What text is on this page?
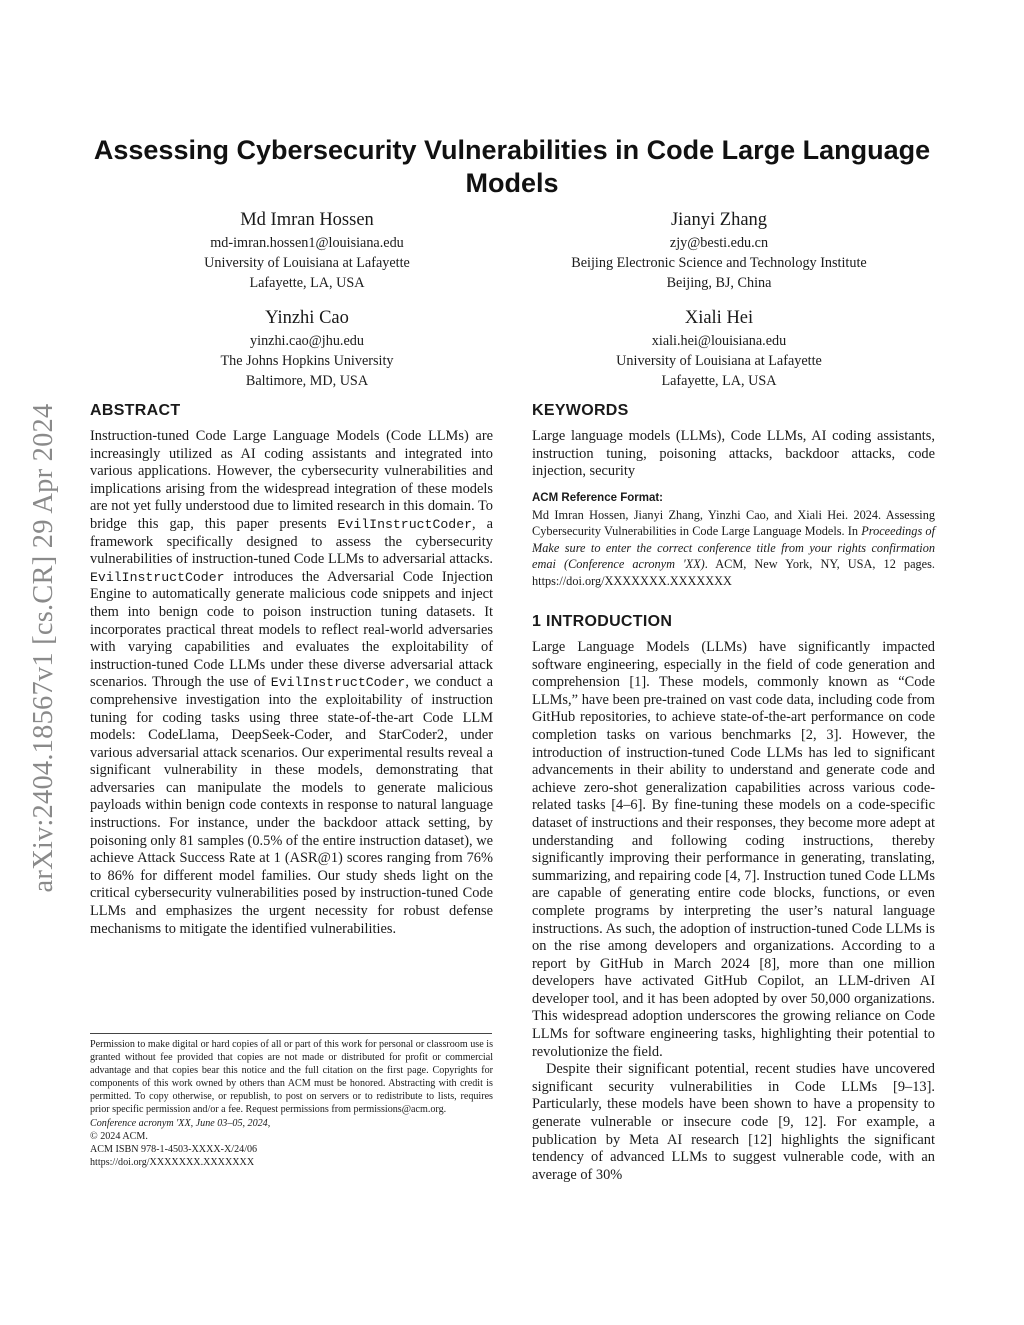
arXiv:2404.18567v1 [cs.CR] 29 Apr 2024
Assessing Cybersecurity Vulnerabilities in Code Large Language Models
Md Imran Hossen
md-imran.hossen1@louisiana.edu
University of Louisiana at Lafayette
Lafayette, LA, USA
Jianyi Zhang
zjy@besti.edu.cn
Beijing Electronic Science and Technology Institute
Beijing, BJ, China
Yinzhi Cao
yinzhi.cao@jhu.edu
The Johns Hopkins University
Baltimore, MD, USA
Xiali Hei
xiali.hei@louisiana.edu
University of Louisiana at Lafayette
Lafayette, LA, USA
ABSTRACT

Instruction-tuned Code Large Language Models (Code LLMs) are increasingly utilized as AI coding assistants and integrated into various applications. However, the cybersecurity vulnerabilities and implications arising from the widespread integration of these models are not yet fully understood due to limited research in this domain. To bridge this gap, this paper presents EvilInstructCoder, a framework specifically designed to assess the cybersecurity vulnerabilities of instruction-tuned Code LLMs to adversarial attacks. EvilInstructCoder introduces the Adversarial Code Injection Engine to automatically generate malicious code snippets and inject them into benign code to poison instruction tuning datasets. It incorporates practical threat models to reflect real-world adversaries with varying capabilities and evaluates the exploitability of instruction-tuned Code LLMs under these diverse adversarial attack scenarios. Through the use of EvilInstructCoder, we conduct a comprehensive investigation into the exploitability of instruction tuning for coding tasks using three state-of-the-art Code LLM models: CodeLlama, DeepSeek-Coder, and StarCoder2, under various adversarial attack scenarios. Our experimental results reveal a significant vulnerability in these models, demonstrating that adversaries can manipulate the models to generate malicious payloads within benign code contexts in response to natural language instructions. For instance, under the backdoor attack setting, by poisoning only 81 samples (0.5% of the entire instruction dataset), we achieve Attack Success Rate at 1 (ASR@1) scores ranging from 76% to 86% for different model families. Our study sheds light on the critical cybersecurity vulnerabilities posed by instruction-tuned Code LLMs and emphasizes the urgent necessity for robust defense mechanisms to mitigate the identified vulnerabilities.

Permission to make digital or hard copies of all or part of this work for personal or classroom use is granted without fee provided that copies are not made or distributed for profit or commercial advantage and that copies bear this notice and the full citation on the first page. Copyrights for components of this work owned by others than ACM must be honored. Abstracting with credit is permitted. To copy otherwise, or republish, to post on servers or to redistribute to lists, requires prior specific permission and/or a fee. Request permissions from permissions@acm.org.

Conference acronym 'XX, June 03–05, 2024,

© 2024 ACM.

ACM ISBN 978-1-4503-XXXX-X/24/06

https://doi.org/XXXXXXX.XXXXXXX

KEYWORDS

Large language models (LLMs), Code LLMs, AI coding assistants, instruction tuning, poisoning attacks, backdoor attacks, code injection, security

ACM Reference Format:

Md Imran Hossen, Jianyi Zhang, Yinzhi Cao, and Xiali Hei. 2024. Assessing Cybersecurity Vulnerabilities in Code Large Language Models. In Proceedings of Make sure to enter the correct conference title from your rights confirmation emai (Conference acronym 'XX). ACM, New York, NY, USA, 12 pages. https://doi.org/XXXXXXX.XXXXXXX

1 INTRODUCTION

Large Language Models (LLMs) have significantly impacted software engineering, especially in the field of code generation and comprehension [1]. These models, commonly known as “Code LLMs,” have been pre-trained on vast code data, including code from GitHub repositories, to achieve state-of-the-art performance on code completion tasks on various benchmarks [2, 3]. However, the introduction of instruction-tuned Code LLMs has led to significant advancements in their ability to understand and generate code and achieve zero-shot generalization capabilities across various code-related tasks [4–6]. By fine-tuning these models on a code-specific dataset of instructions and their responses, they become more adept at understanding and following coding instructions, thereby significantly improving their performance in generating, translating, summarizing, and repairing code [4, 7]. Instruction tuned Code LLMs are capable of generating entire code blocks, functions, or even complete programs by interpreting the user’s natural language instructions. As such, the adoption of instruction-tuned Code LLMs is on the rise among developers and organizations. According to a report by GitHub in March 2024 [8], more than one million developers have activated GitHub Copilot, an LLM-driven AI developer tool, and it has been adopted by over 50,000 organizations. This widespread adoption underscores the growing reliance on Code LLMs for software engineering tasks, highlighting their potential to revolutionize the field.

Despite their significant potential, recent studies have uncovered significant security vulnerabilities in Code LLMs [9–13]. Particularly, these models have been shown to have a propensity to generate vulnerable or insecure code [9, 12]. For example, a publication by Meta AI research [12] highlights the significant tendency of advanced LLMs to suggest vulnerable code, with an average of 30%
